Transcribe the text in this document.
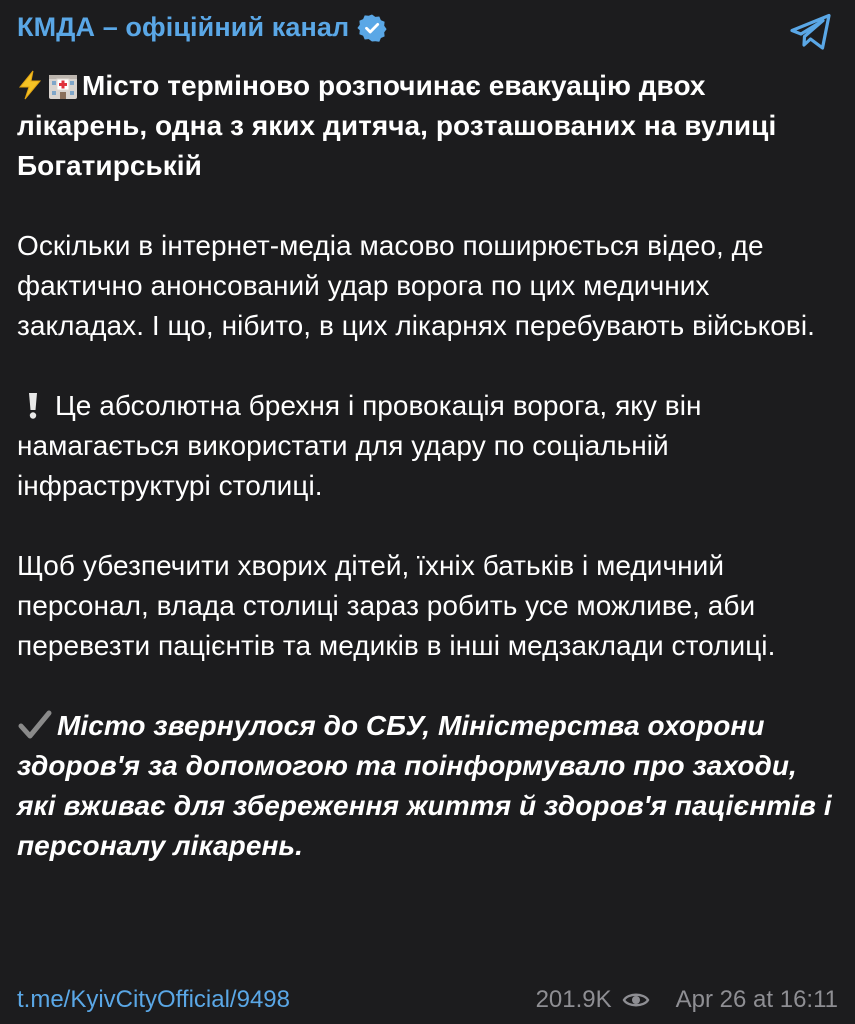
КМДА – офіційний канал

Місто терміново розпочинає евакуацію двох лікарень, одна з яких дитяча, розташованих на вулиці Богатирській

Оскільки в інтернет-медіа масово поширюється відео, де фактично анонсований удар ворога по цих медичних закладах. І що, нібито, в цих лікарнях перебувають військові.

Це абсолютна брехня і провокація ворога, яку він намагається використати для удару по соціальній інфраструктурі столиці.

Щоб убезпечити хворих дітей, їхніх батьків і медичний персонал, влада столиці зараз робить усе можливе, аби перевезти пацієнтів та медиків в інші медзаклади столиці.

Місто звернулося до СБУ, Міністерства охорони здоров'я за допомогою та поінформувало про заходи, які вживає для збереження життя й здоров'я пацієнтів і персоналу лікарень.

t.me/KyivCityOfficial/9498	201.9K	Apr 26 at 16:11
